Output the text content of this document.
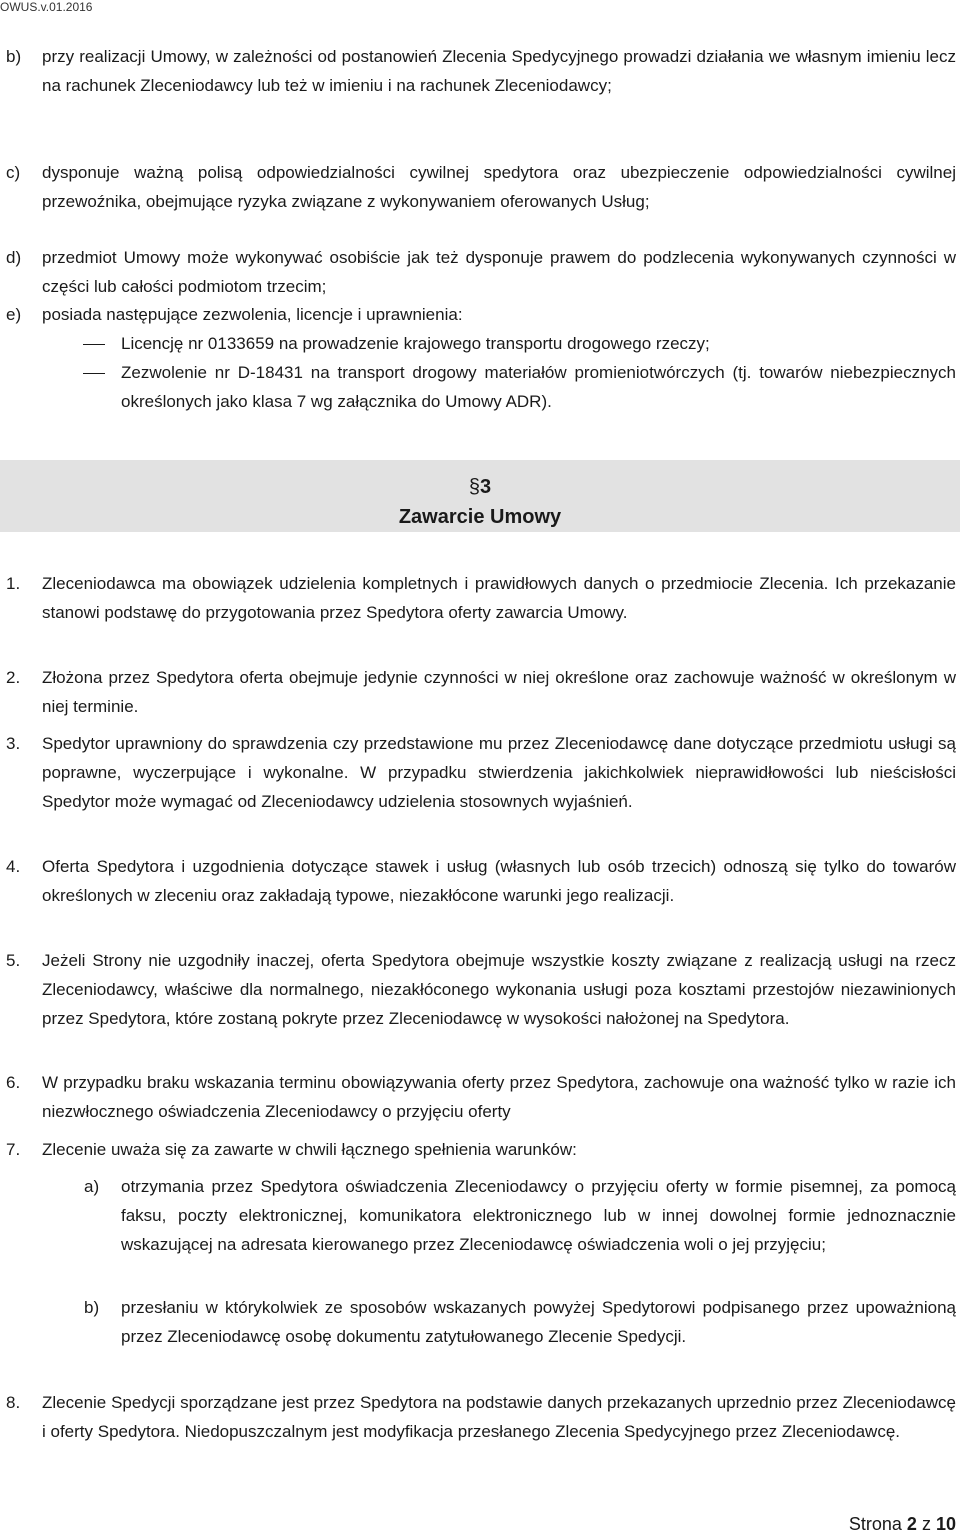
OWUS.v.01.2016
b) przy realizacji Umowy, w zależności od postanowień Zlecenia Spedycyjnego prowadzi działania we własnym imieniu lecz na rachunek Zleceniodawcy lub też w imieniu i na rachunek Zleceniodawcy;
c) dysponuje ważną polisą odpowiedzialności cywilnej spedytora oraz ubezpieczenie odpowiedzialności cywilnej przewoźnika, obejmujące ryzyka związane z wykonywaniem oferowanych Usług;
d) przedmiot Umowy może wykonywać osobiście jak też dysponuje prawem do podzlecenia wykonywanych czynności w części lub całości podmiotom trzecim;
e) posiada następujące zezwolenia, licencje i uprawnienia:
Licencję nr 0133659 na prowadzenie krajowego transportu drogowego rzeczy;
Zezwolenie nr D-18431 na transport drogowy materiałów promieniotwórczych (tj. towarów niebezpiecznych określonych jako klasa 7 wg załącznika do Umowy ADR).
§3
Zawarcie Umowy
1. Zleceniodawca ma obowiązek udzielenia kompletnych i prawidłowych danych o przedmiocie Zlecenia. Ich przekazanie stanowi podstawę do przygotowania przez Spedytora oferty zawarcia Umowy.
2. Złożona przez Spedytora oferta obejmuje jedynie czynności w niej określone oraz zachowuje ważność w określonym w niej terminie.
3. Spedytor uprawniony do sprawdzenia czy przedstawione mu przez Zleceniodawcę dane dotyczące przedmiotu usługi są poprawne, wyczerpujące i wykonalne. W przypadku stwierdzenia jakichkolwiek nieprawidłowości lub nieścisłości Spedytor może wymagać od Zleceniodawcy udzielenia stosownych wyjaśnień.
4. Oferta Spedytora i uzgodnienia dotyczące stawek i usług (własnych lub osób trzecich) odnoszą się tylko do towarów określonych w zleceniu oraz zakładają typowe, niezakłócone warunki jego realizacji.
5. Jeżeli Strony nie uzgodniły inaczej, oferta Spedytora obejmuje wszystkie koszty związane z realizacją usługi na rzecz Zleceniodawcy, właściwe dla normalnego, niezakłóconego wykonania usługi poza kosztami przestojów niezawinionych przez Spedytora, które zostaną pokryte przez Zleceniodawcę w wysokości nałożonej na Spedytora.
6. W przypadku braku wskazania terminu obowiązywania oferty przez Spedytora, zachowuje ona ważność tylko w razie ich niezwłocznego oświadczenia Zleceniodawcy o przyjęciu oferty
7. Zlecenie uważa się za zawarte w chwili łącznego spełnienia warunków:
a) otrzymania przez Spedytora oświadczenia Zleceniodawcy o przyjęciu oferty w formie pisemnej, za pomocą faksu, poczty elektronicznej, komunikatora elektronicznego lub w innej dowolnej formie jednoznacznie wskazującej na adresata kierowanego przez Zleceniodawcę oświadczenia woli o jej przyjęciu;
b) przesłaniu w którykolwiek ze sposobów wskazanych powyżej Spedytorowi podpisanego przez upoważnioną przez Zleceniodawcę osobę dokumentu zatytułowanego Zlecenie Spedycji.
8. Zlecenie Spedycji sporządzane jest przez Spedytora na podstawie danych przekazanych uprzednio przez Zleceniodawcę i oferty Spedytora. Niedopuszczalnym jest modyfikacja przesłanego Zlecenia Spedycyjnego przez Zleceniodawcę.
Strona 2 z 10
